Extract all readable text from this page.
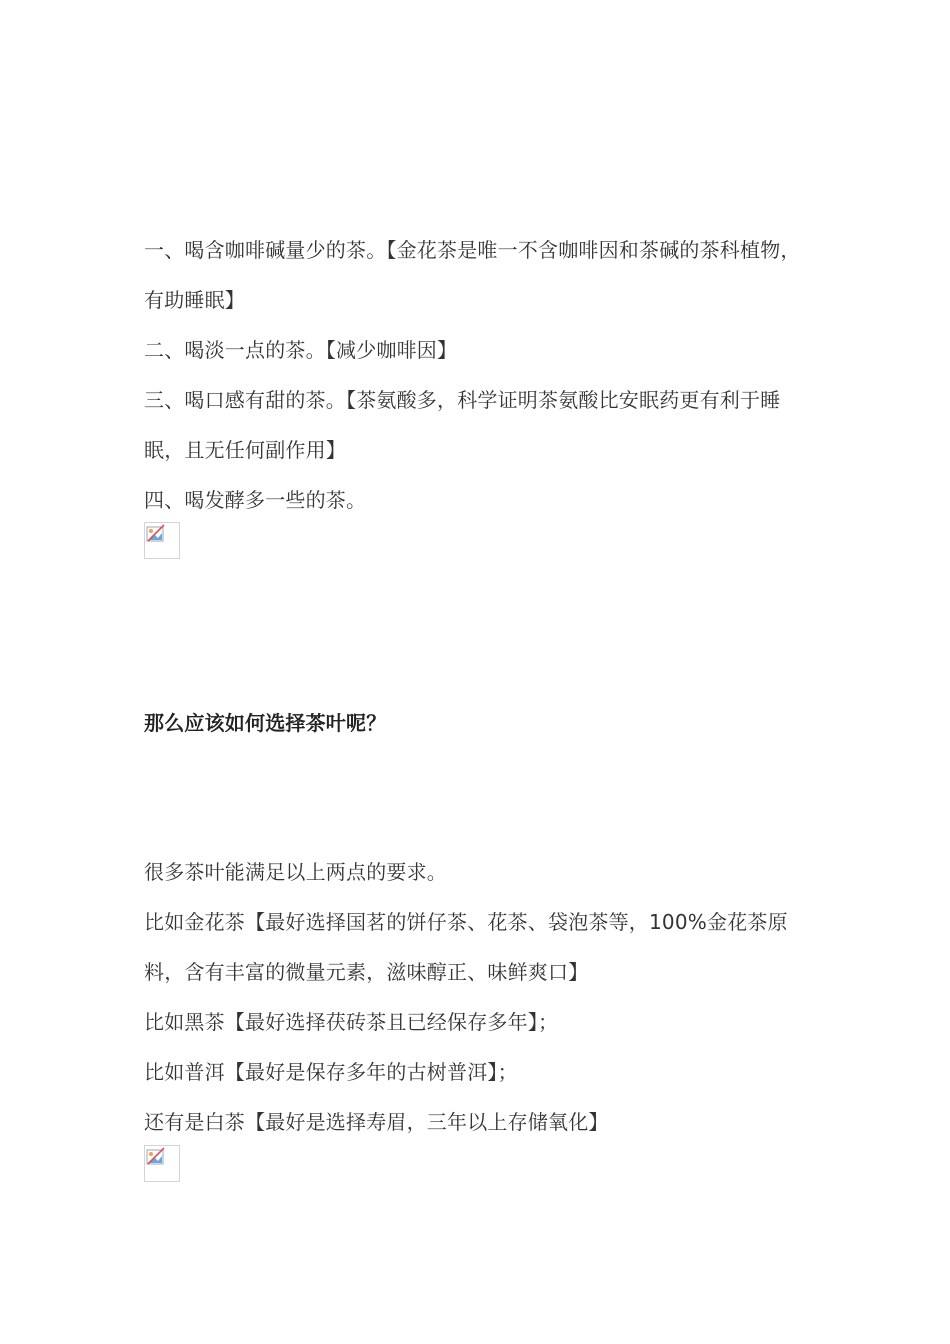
一、喝含咖啡碱量少的茶。【金花茶是唯一不含咖啡因和茶碱的茶科植物，
有助睡眠】
二、喝淡一点的茶。【减少咖啡因】
三、喝口感有甜的茶。【茶氨酸多，科学证明茶氨酸比安眠药更有利于睡
眠，且无任何副作用】
四、喝发酵多一些的茶。
那么应该如何选择茶叶呢？
很多茶叶能满足以上两点的要求。
比如金花茶【最好选择国茗的饼仔茶、花茶、袋泡茶等，100%金花茶原
料，含有丰富的微量元素，滋味醇正、味鲜爽口】
比如黑茶【最好选择茯砖茶且已经保存多年】；
比如普洱【最好是保存多年的古树普洱】；
还有是白茶【最好是选择寿眉，三年以上存储氧化】
